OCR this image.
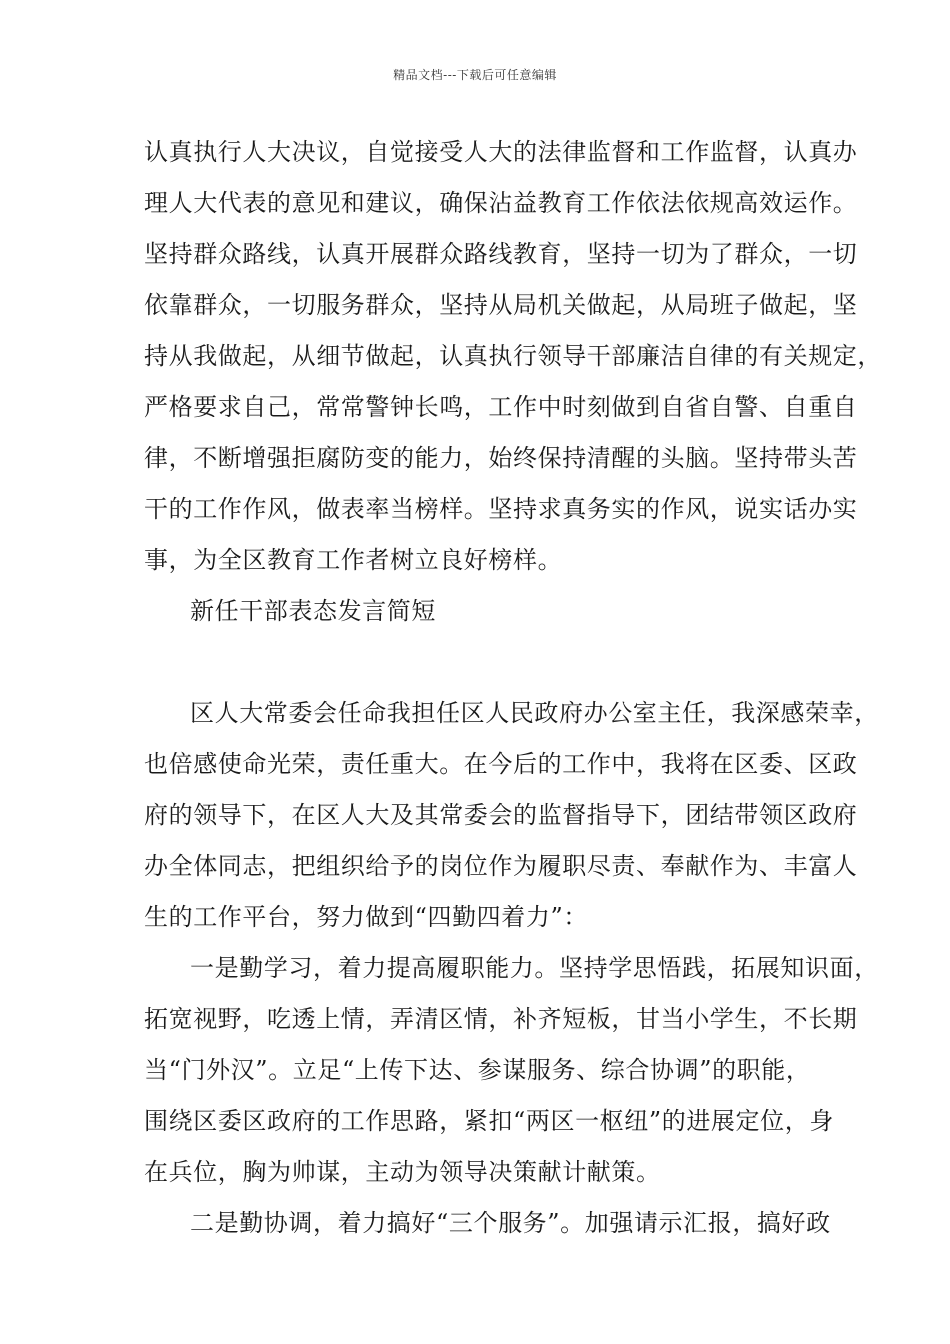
精品文档---下载后可任意编辑
认真执行人大决议，自觉接受人大的法律监督和工作监督，认真办
理人大代表的意见和建议，确保沾益教育工作依法依规高效运作。
坚持群众路线，认真开展群众路线教育，坚持一切为了群众，一切
依靠群众，一切服务群众，坚持从局机关做起，从局班子做起，坚
持从我做起，从细节做起，认真执行领导干部廉洁自律的有关规定，
严格要求自己，常常警钟长鸣，工作中时刻做到自省自警、自重自
律，不断增强拒腐防变的能力，始终保持清醒的头脑。坚持带头苦
干的工作作风，做表率当榜样。坚持求真务实的作风，说实话办实
事，为全区教育工作者树立良好榜样。
新任干部表态发言简短
区人大常委会任命我担任区人民政府办公室主任，我深感荣幸，
也倍感使命光荣，责任重大。在今后的工作中，我将在区委、区政
府的领导下，在区人大及其常委会的监督指导下，团结带领区政府
办全体同志，把组织给予的岗位作为履职尽责、奉献作为、丰富人
生的工作平台，努力做到“四勤四着力”：
一是勤学习，着力提高履职能力。坚持学思悟践，拓展知识面，
拓宽视野，吃透上情，弄清区情，补齐短板，甘当小学生，不长期
当“门外汉”。立足“上传下达、参谋服务、综合协调”的职能，
围绕区委区政府的工作思路，紧扣“两区一枢纽”的进展定位，身
在兵位，胸为帅谋，主动为领导决策献计献策。
二是勤协调，着力搞好“三个服务”。加强请示汇报，搞好政
